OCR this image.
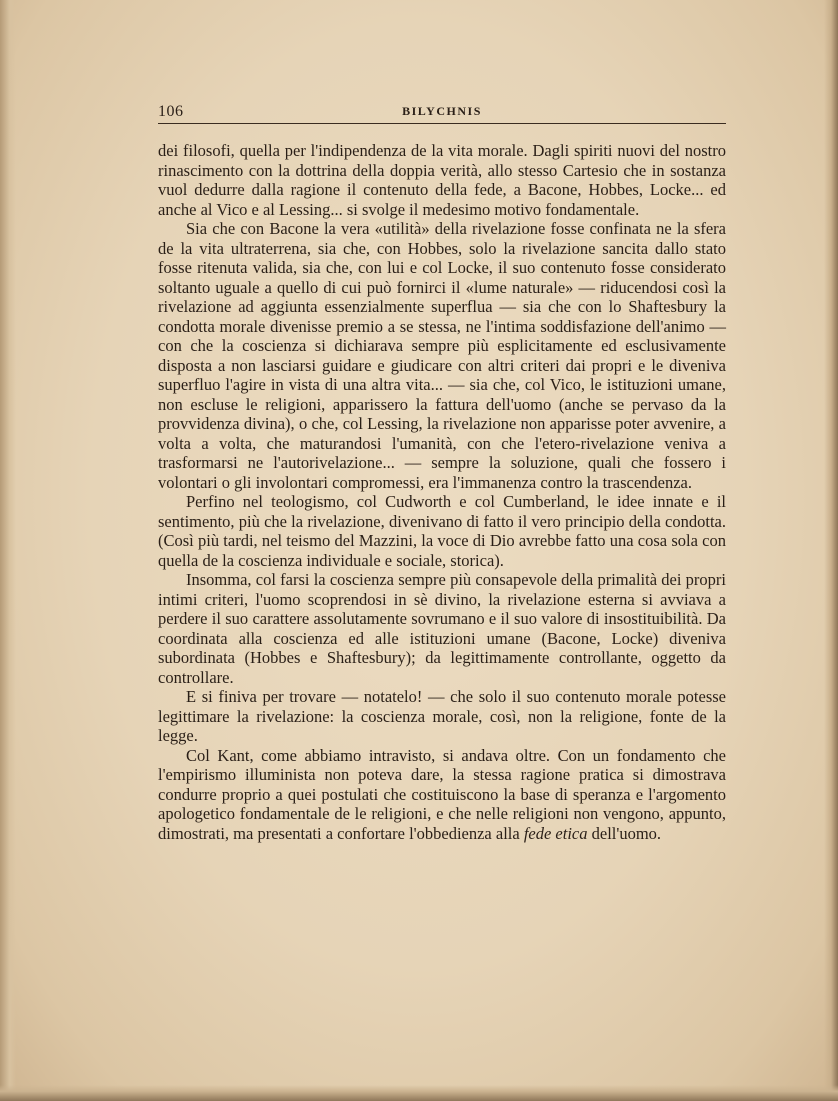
106	BILYCHNIS

dei filosofi, quella per l'indipendenza de la vita morale. Dagli spiriti nuovi del nostro rinascimento con la dottrina della doppia verità, allo stesso Cartesio che in sostanza vuol dedurre dalla ragione il contenuto della fede, a Bacone, Hobbes, Locke... ed anche al Vico e al Lessing... si svolge il medesimo motivo fondamentale.

Sia che con Bacone la vera «utilità» della rivelazione fosse confinata ne la sfera de la vita ultraterrena, sia che, con Hobbes, solo la rivelazione sancita dallo stato fosse ritenuta valida, sia che, con lui e col Locke, il suo contenuto fosse considerato soltanto uguale a quello di cui può fornirci il «lume naturale» — riducendosi così la rivelazione ad aggiunta essenzialmente superflua — sia che con lo Shaftesbury la condotta morale divenisse premio a se stessa, ne l'intima soddisfazione dell'animo — con che la coscienza si dichiarava sempre più esplicitamente ed esclusivamente disposta a non lasciarsi guidare e giudicare con altri criteri dai propri e le diveniva superfluo l'agire in vista di una altra vita... — sia che, col Vico, le istituzioni umane, non escluse le religioni, apparissero la fattura dell'uomo (anche se pervaso da la provvidenza divina), o che, col Lessing, la rivelazione non apparisse poter avvenire, a volta a volta, che maturandosi l'umanità, con che l'etero-rivelazione veniva a trasformarsi ne l'autorivelazione... — sempre la soluzione, quali che fossero i volontari o gli involontari compromessi, era l'immanenza contro la trascendenza.

Perfino nel teologismo, col Cudworth e col Cumberland, le idee innate e il sentimento, più che la rivelazione, divenivano di fatto il vero principio della condotta. (Così più tardi, nel teismo del Mazzini, la voce di Dio avrebbe fatto una cosa sola con quella de la coscienza individuale e sociale, storica).

Insomma, col farsi la coscienza sempre più consapevole della primalità dei propri intimi criteri, l'uomo scoprendosi in sè divino, la rivelazione esterna si avviava a perdere il suo carattere assolutamente sovrumano e il suo valore di insostituibilità. Da coordinata alla coscienza ed alle istituzioni umane (Bacone, Locke) diveniva subordinata (Hobbes e Shaftesbury); da legittimamente controllante, oggetto da controllare.

E si finiva per trovare — notatelo! — che solo il suo contenuto morale potesse legittimare la rivelazione: la coscienza morale, così, non la religione, fonte de la legge.

Col Kant, come abbiamo intravisto, si andava oltre. Con un fondamento che l'empirismo illuminista non poteva dare, la stessa ragione pratica si dimostrava condurre proprio a quei postulati che costituiscono la base di speranza e l'argomento apologetico fondamentale de le religioni, e che nelle religioni non vengono, appunto, dimostrati, ma presentati a confortare l'obbedienza alla fede etica dell'uomo.
